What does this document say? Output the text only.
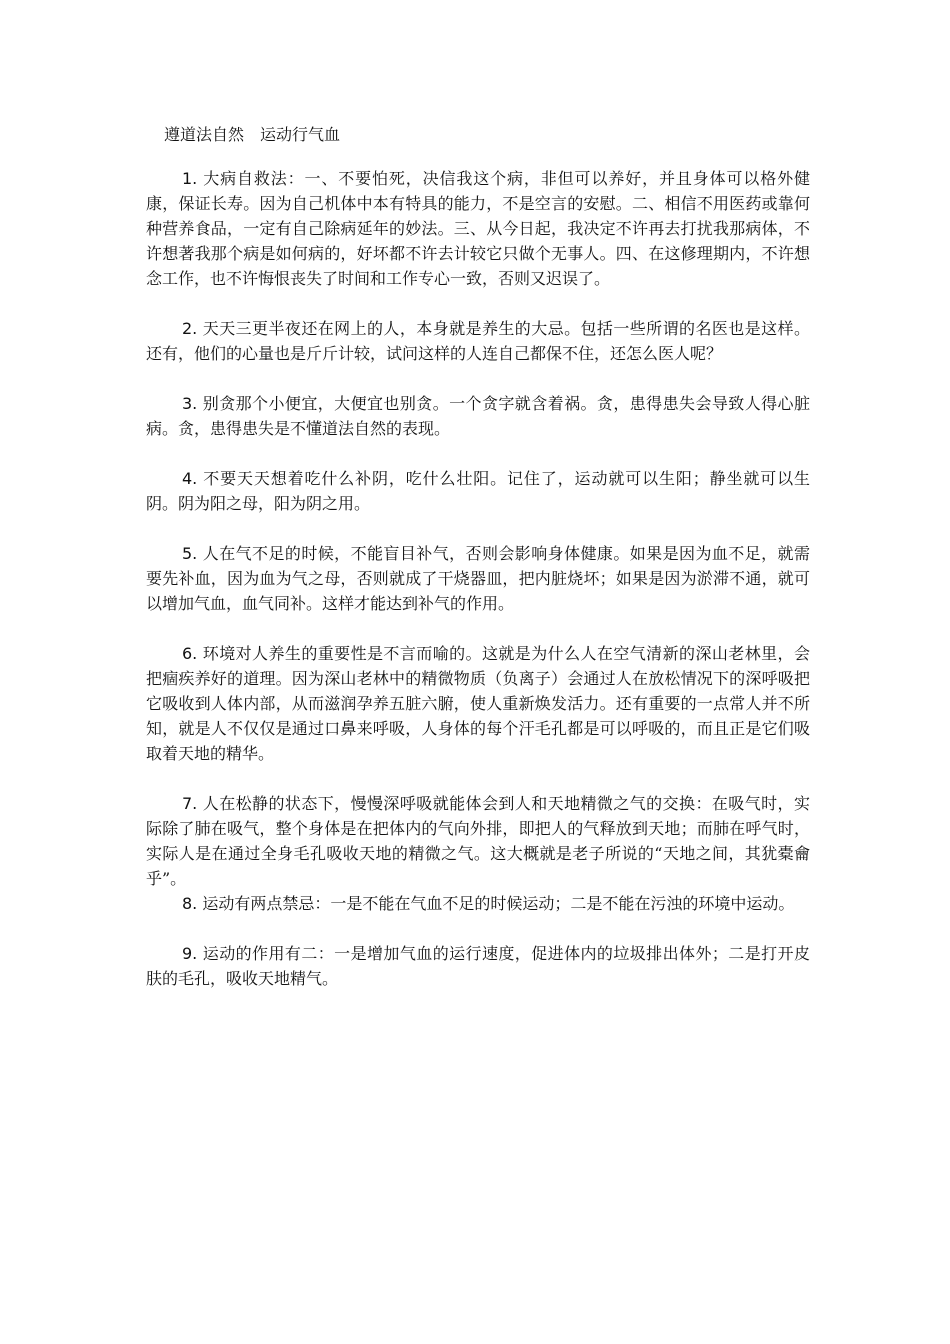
遵道法自然　运动行气血

1. 大病自救法：一、不要怕死，决信我这个病，非但可以养好，并且身体可以格外健康，保证长寿。因为自己机体中本有特具的能力，不是空言的安慰。二、相信不用医药或靠何种营养食品，一定有自己除病延年的妙法。三、从今日起，我决定不许再去打扰我那病体，不许想著我那个病是如何病的，好坏都不许去计较它只做个无事人。四、在这修理期内，不许想念工作，也不许悔恨丧失了时间和工作专心一致，否则又迟误了。

2. 天天三更半夜还在网上的人，本身就是养生的大忌。包括一些所谓的名医也是这样。还有，他们的心量也是斤斤计较，试问这样的人连自己都保不住，还怎么医人呢？

3. 别贪那个小便宜，大便宜也别贪。一个贪字就含着祸。贪，患得患失会导致人得心脏病。贪，患得患失是不懂道法自然的表现。

4. 不要天天想着吃什么补阴，吃什么壮阳。记住了，运动就可以生阳；静坐就可以生阴。阴为阳之母，阳为阴之用。

5. 人在气不足的时候，不能盲目补气，否则会影响身体健康。如果是因为血不足，就需要先补血，因为血为气之母，否则就成了干烧器皿，把内脏烧坏；如果是因为淤滞不通，就可以增加气血，血气同补。这样才能达到补气的作用。

6. 环境对人养生的重要性是不言而喻的。这就是为什么人在空气清新的深山老林里，会把痼疾养好的道理。因为深山老林中的精微物质（负离子）会通过人在放松情况下的深呼吸把它吸收到人体内部，从而滋润孕养五脏六腑，使人重新焕发活力。还有重要的一点常人并不所知，就是人不仅仅是通过口鼻来呼吸，人身体的每个汗毛孔都是可以呼吸的，而且正是它们吸取着天地的精华。

7. 人在松静的状态下，慢慢深呼吸就能体会到人和天地精微之气的交换：在吸气时，实际除了肺在吸气，整个身体是在把体内的气向外排，即把人的气释放到天地；而肺在呼气时，实际人是在通过全身毛孔吸收天地的精微之气。这大概就是老子所说的“天地之间，其犹橐龠乎”。

8. 运动有两点禁忌：一是不能在气血不足的时候运动；二是不能在污浊的环境中运动。

9. 运动的作用有二：一是增加气血的运行速度，促进体内的垃圾排出体外；二是打开皮肤的毛孔，吸收天地精气。
